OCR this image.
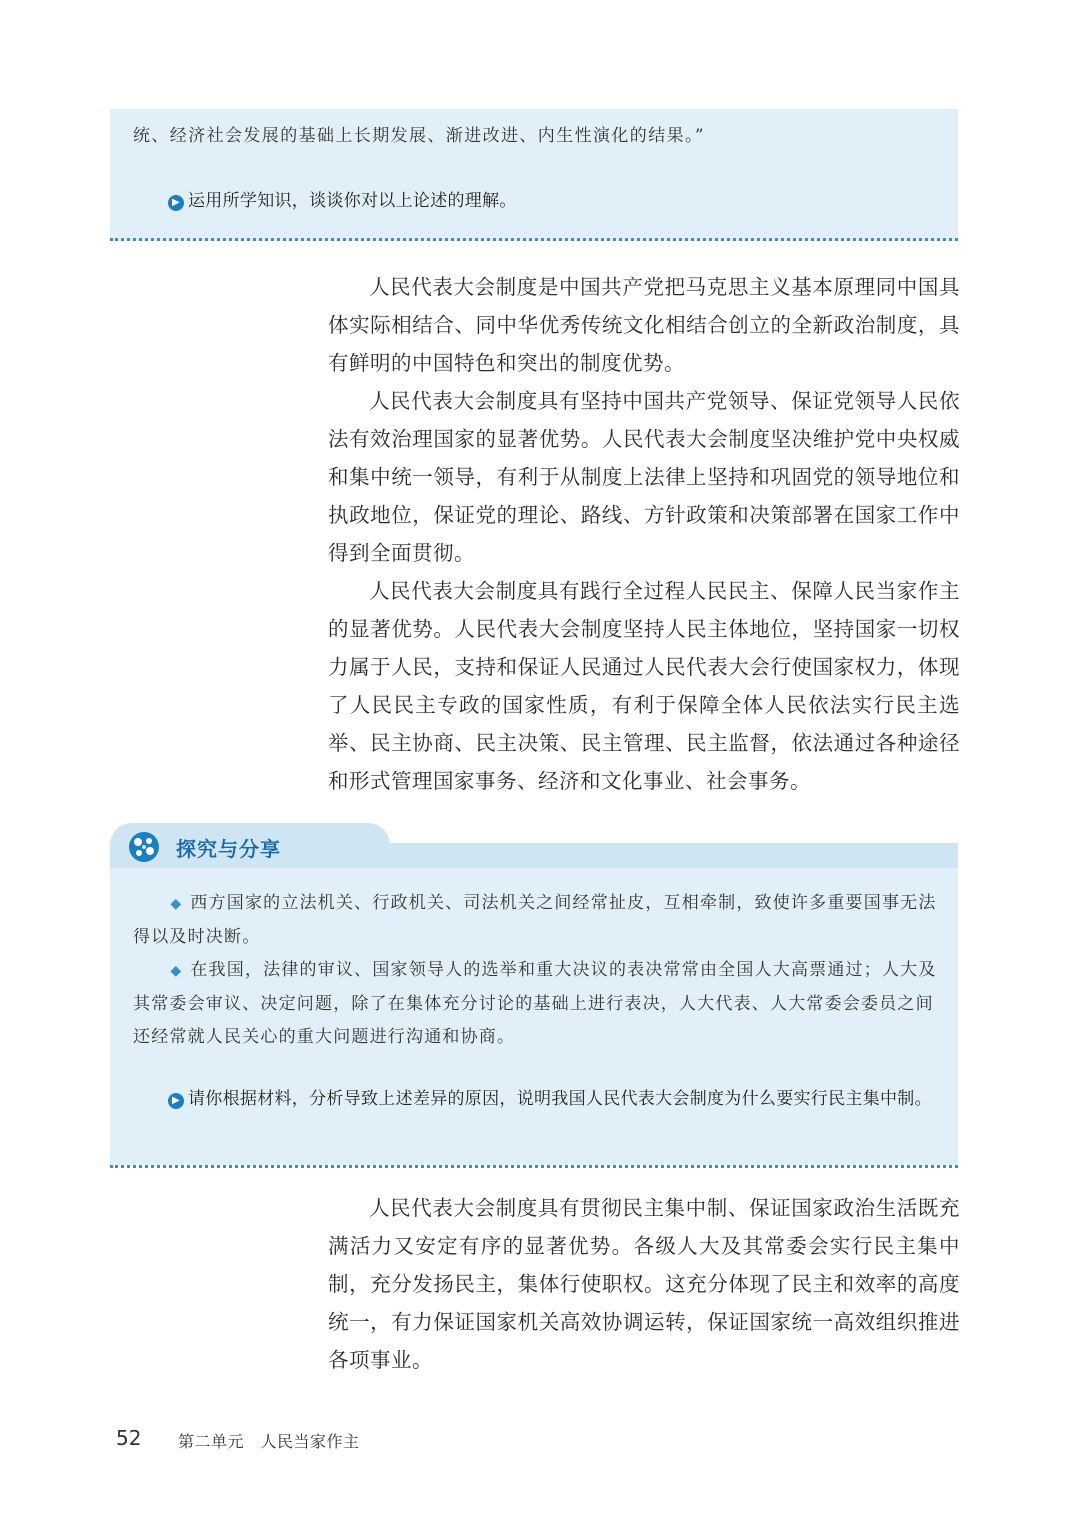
统、经济社会发展的基础上长期发展、渐进改进、内生性演化的结果。”
▶ 运用所学知识，谈谈你对以上论述的理解。

人民代表大会制度是中国共产党把马克思主义基本原理同中国具体实际相结合、同中华优秀传统文化相结合创立的全新政治制度，具有鲜明的中国特色和突出的制度优势。

人民代表大会制度具有坚持中国共产党领导、保证党领导人民依法有效治理国家的显著优势。人民代表大会制度坚决维护党中央权威和集中统一领导，有利于从制度上法律上坚持和巩固党的领导地位和执政地位，保证党的理论、路线、方针政策和决策部署在国家工作中得到全面贯彻。

人民代表大会制度具有践行全过程人民民主、保障人民当家作主的显著优势。人民代表大会制度坚持人民主体地位，坚持国家一切权力属于人民，支持和保证人民通过人民代表大会行使国家权力，体现了人民民主专政的国家性质，有利于保障全体人民依法实行民主选举、民主协商、民主决策、民主管理、民主监督，依法通过各种途径和形式管理国家事务、经济和文化事业、社会事务。

探究与分享

◆ 西方国家的立法机关、行政机关、司法机关之间经常扯皮，互相牵制，致使许多重要国事无法得以及时决断。

◆ 在我国，法律的审议、国家领导人的选举和重大决议的表决常常由全国人大高票通过；人大及其常委会审议、决定问题，除了在集体充分讨论的基础上进行表决，人大代表、人大常委会委员之间还经常就人民关心的重大问题进行沟通和协商。

▶ 请你根据材料，分析导致上述差异的原因，说明我国人民代表大会制度为什么要实行民主集中制。

人民代表大会制度具有贯彻民主集中制、保证国家政治生活既充满活力又安定有序的显著优势。各级人大及其常委会实行民主集中制，充分发扬民主，集体行使职权。这充分体现了民主和效率的高度统一，有力保证国家机关高效协调运转，保证国家统一高效组织推进各项事业。

52 第二单元　人民当家作主
